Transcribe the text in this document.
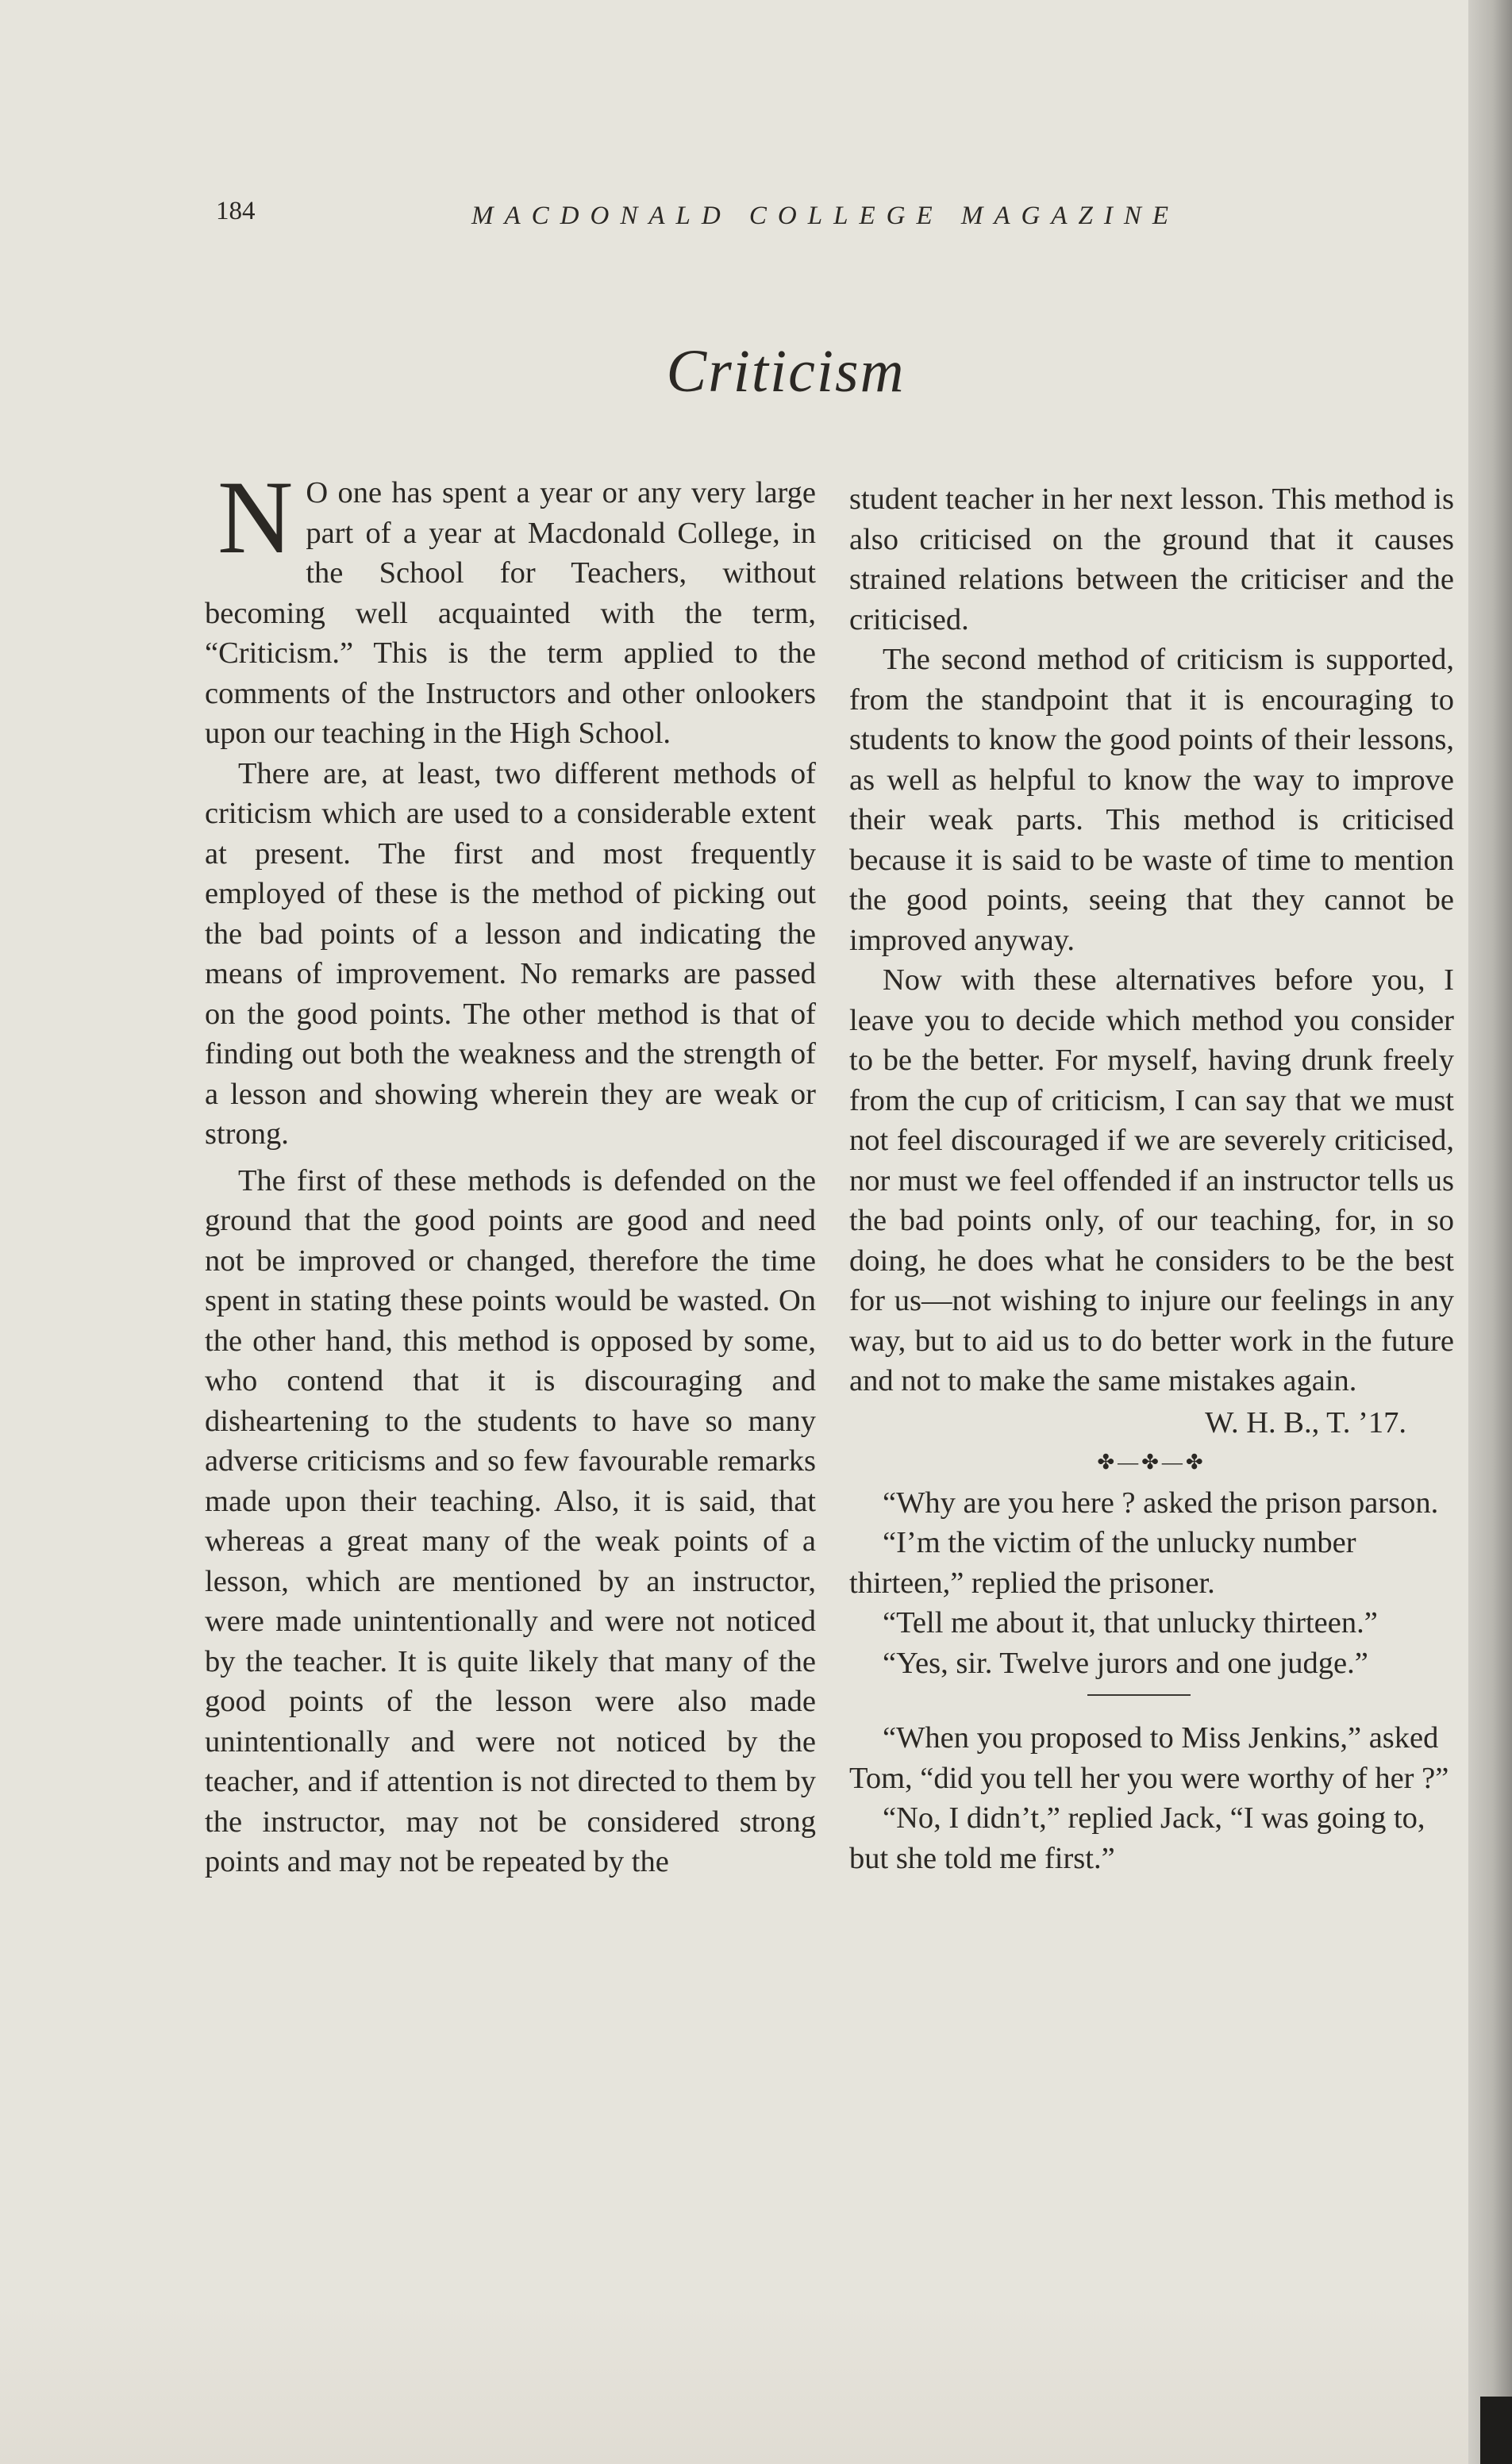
184	MACDONALD COLLEGE MAGAZINE
Criticism

N O one has spent a year or any very large part of a year at Macdonald College, in the School for Teachers, without becoming well acquainted with the term, “Criticism.” This is the term applied to the comments of the Instructors and other onlookers upon our teaching in the High School.

There are, at least, two different methods of criticism which are used to a considerable extent at present. The first and most frequently employed of these is the method of picking out the bad points of a lesson and indicating the means of improvement. No remarks are passed on the good points. The other method is that of finding out both the weakness and the strength of a lesson and showing wherein they are weak or strong.

The first of these methods is defended on the ground that the good points are good and need not be improved or changed, therefore the time spent in stating these points would be wasted. On the other hand, this method is opposed by some, who contend that it is discouraging and disheartening to the students to have so many adverse criticisms and so few favourable remarks made upon their teaching. Also, it is said, that whereas a great many of the weak points of a lesson, which are mentioned by an instructor, were made unintentionally and were not noticed by the teacher. It is quite likely that many of the good points of the lesson were also made unintentionally and were not noticed by the teacher, and if attention is not directed to them by the instructor, may not be considered strong points and may not be repeated by the

student teacher in her next lesson. This method is also criticised on the ground that it causes strained relations between the criticiser and the criticised.

The second method of criticism is supported, from the standpoint that it is encouraging to students to know the good points of their lessons, as well as helpful to know the way to improve their weak parts. This method is criticised because it is said to be waste of time to mention the good points, seeing that they cannot be improved anyway.

Now with these alternatives before you, I leave you to decide which method you consider to be the better. For myself, having drunk freely from the cup of criticism, I can say that we must not feel discouraged if we are severely criticised, nor must we feel offended if an instructor tells us the bad points only, of our teaching, for, in so doing, he does what he considers to be the best for us—not wishing to injure our feelings in any way, but to aid us to do better work in the future and not to make the same mistakes again.

W. H. B., T. ’17.

✤—✤—✤

“Why are you here ? asked the prison parson.

“I’m the victim of the unlucky number thirteen,” replied the prisoner.

“Tell me about it, that unlucky thirteen.”

“Yes, sir. Twelve jurors and one judge.”

“When you proposed to Miss Jenkins,” asked Tom, “did you tell her you were worthy of her ?”

“No, I didn’t,” replied Jack, “I was going to, but she told me first.”
